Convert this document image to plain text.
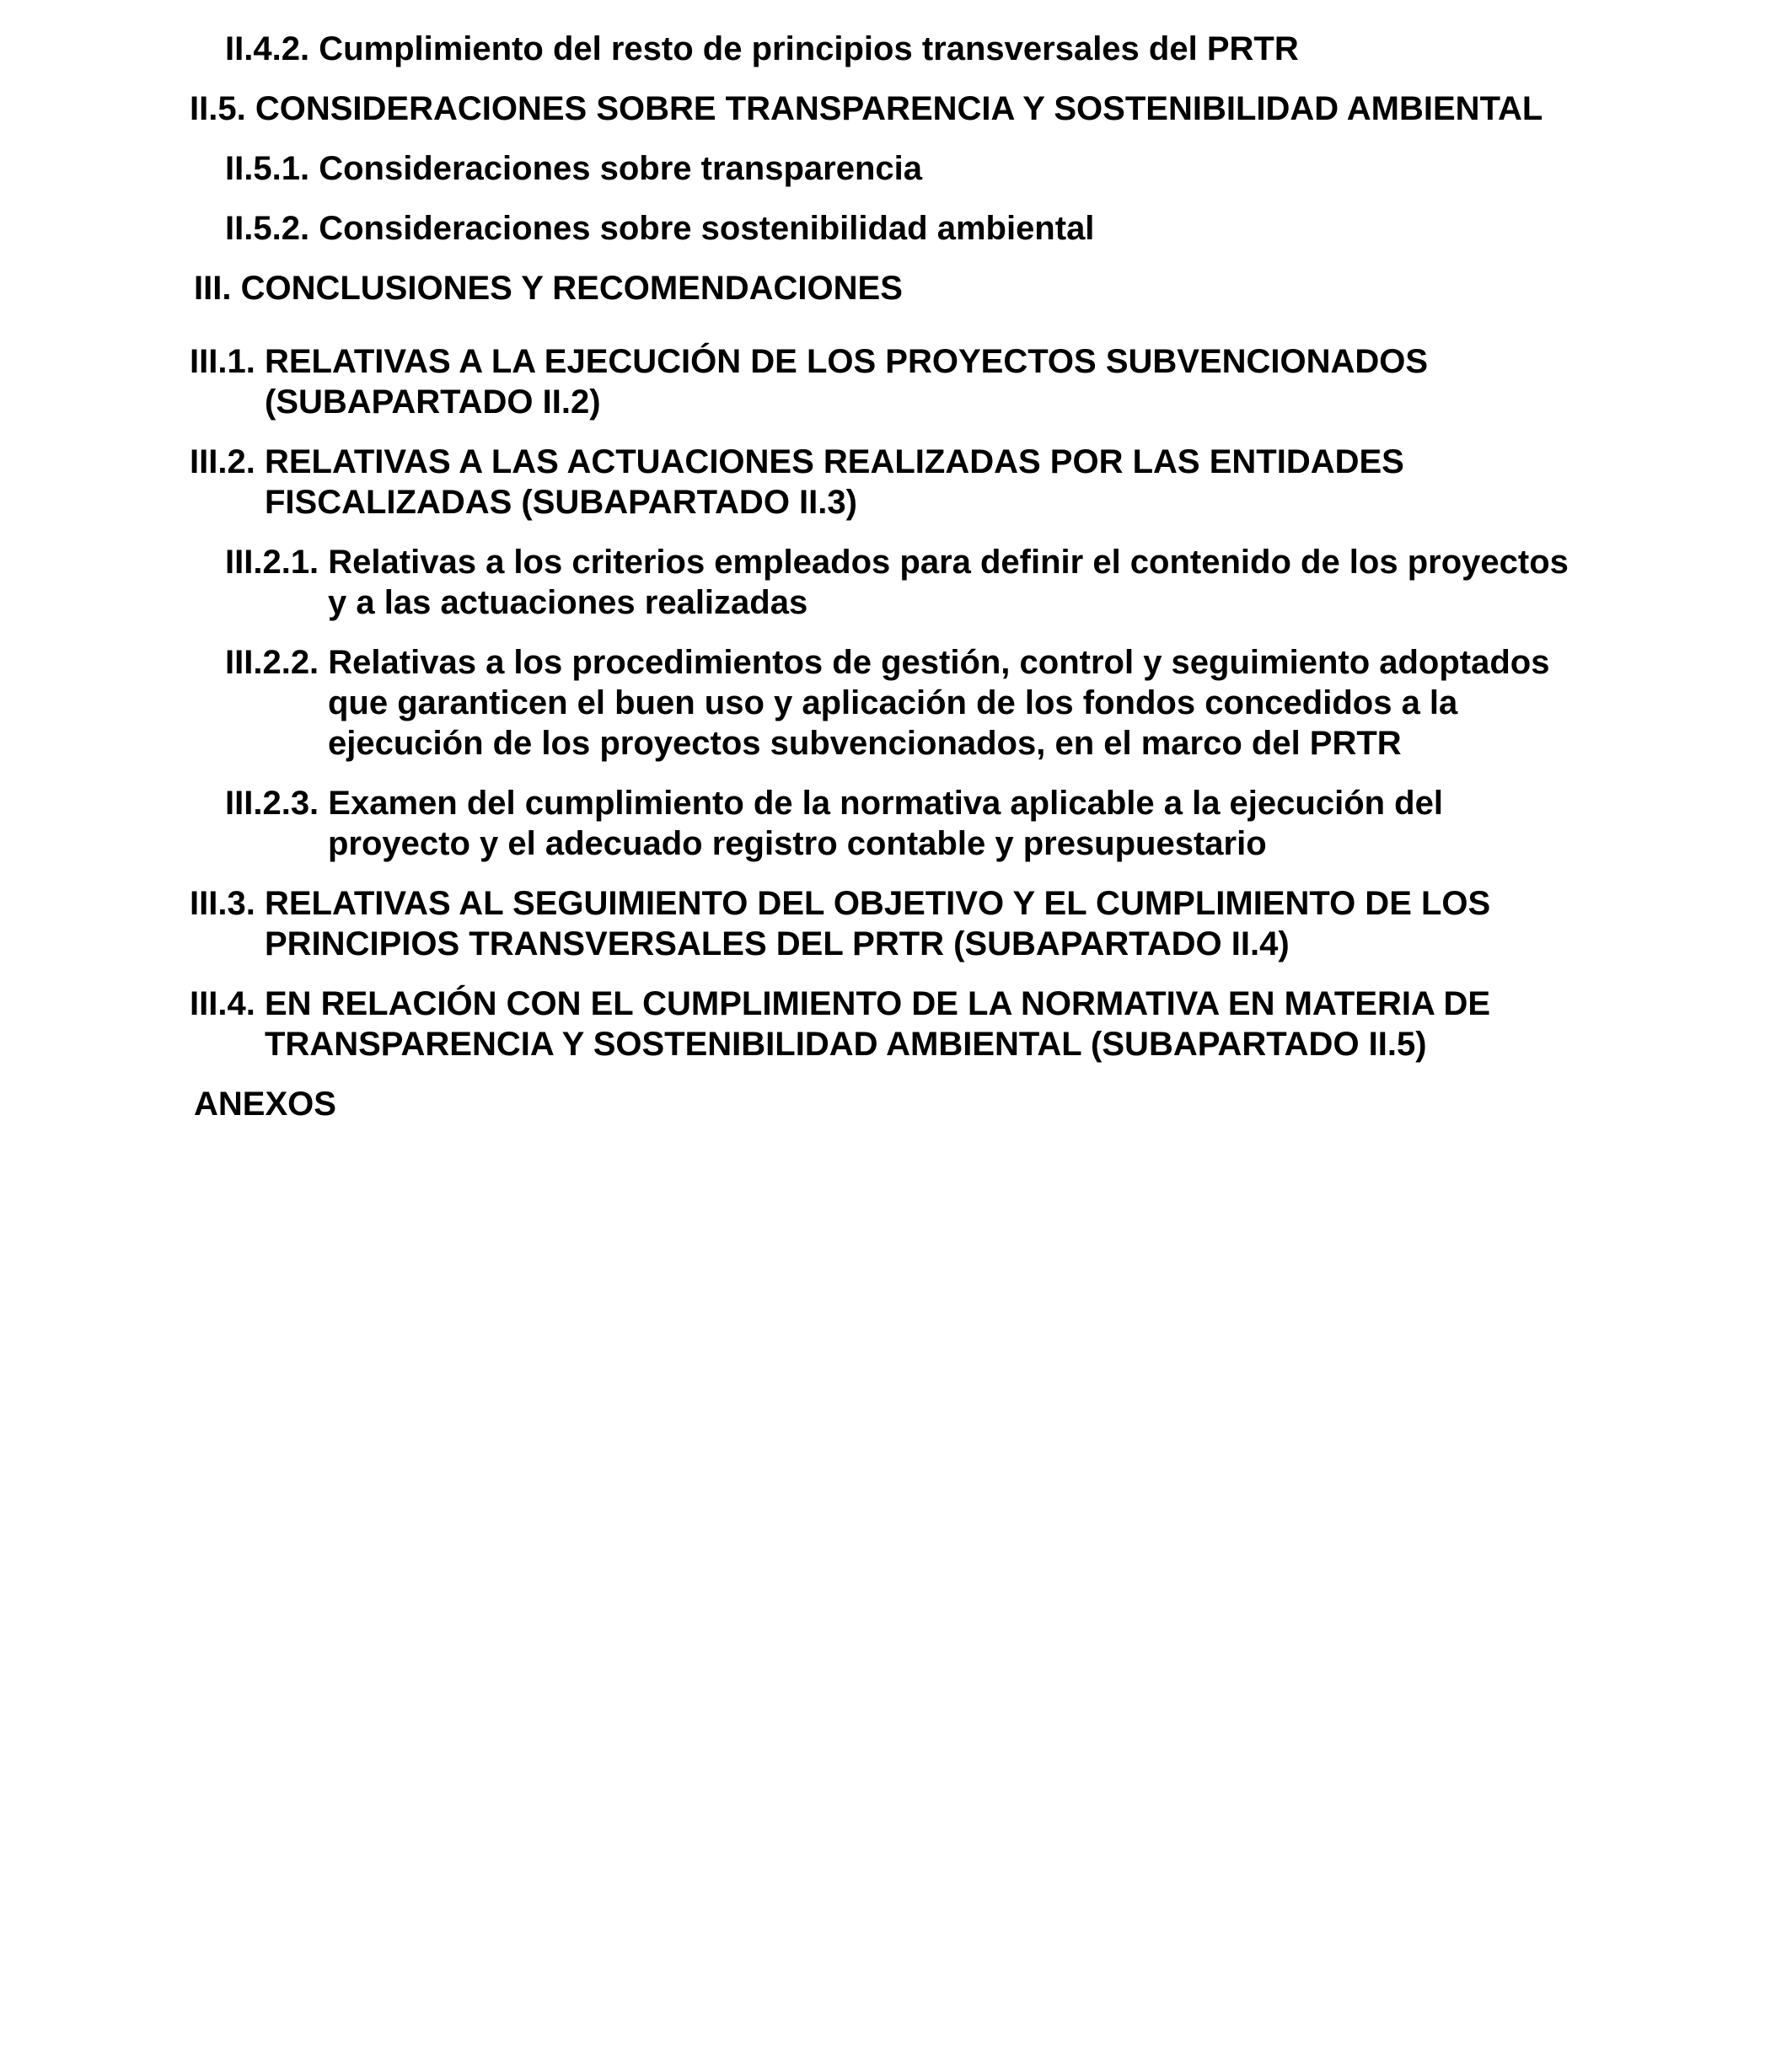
II.4.2. Cumplimiento del resto de principios transversales del PRTR
II.5. CONSIDERACIONES SOBRE TRANSPARENCIA Y SOSTENIBILIDAD AMBIENTAL
II.5.1. Consideraciones sobre transparencia
II.5.2. Consideraciones sobre sostenibilidad ambiental
III. CONCLUSIONES Y RECOMENDACIONES
III.1. RELATIVAS A LA EJECUCIÓN DE LOS PROYECTOS SUBVENCIONADOS
(SUBAPARTADO II.2)
III.2. RELATIVAS A LAS ACTUACIONES REALIZADAS POR LAS ENTIDADES
FISCALIZADAS (SUBAPARTADO II.3)
III.2.1. Relativas a los criterios empleados para definir el contenido de los proyectos
y a las actuaciones realizadas
III.2.2. Relativas a los procedimientos de gestión, control y seguimiento adoptados
que garanticen el buen uso y aplicación de los fondos concedidos a la
ejecución de los proyectos subvencionados, en el marco del PRTR
III.2.3. Examen del cumplimiento de la normativa aplicable a la ejecución del
proyecto y el adecuado registro contable y presupuestario
III.3. RELATIVAS AL SEGUIMIENTO DEL OBJETIVO Y EL CUMPLIMIENTO DE LOS
PRINCIPIOS TRANSVERSALES DEL PRTR (SUBAPARTADO II.4)
III.4. EN RELACIÓN CON EL CUMPLIMIENTO DE LA NORMATIVA EN MATERIA DE
TRANSPARENCIA Y SOSTENIBILIDAD AMBIENTAL (SUBAPARTADO II.5)
ANEXOS
